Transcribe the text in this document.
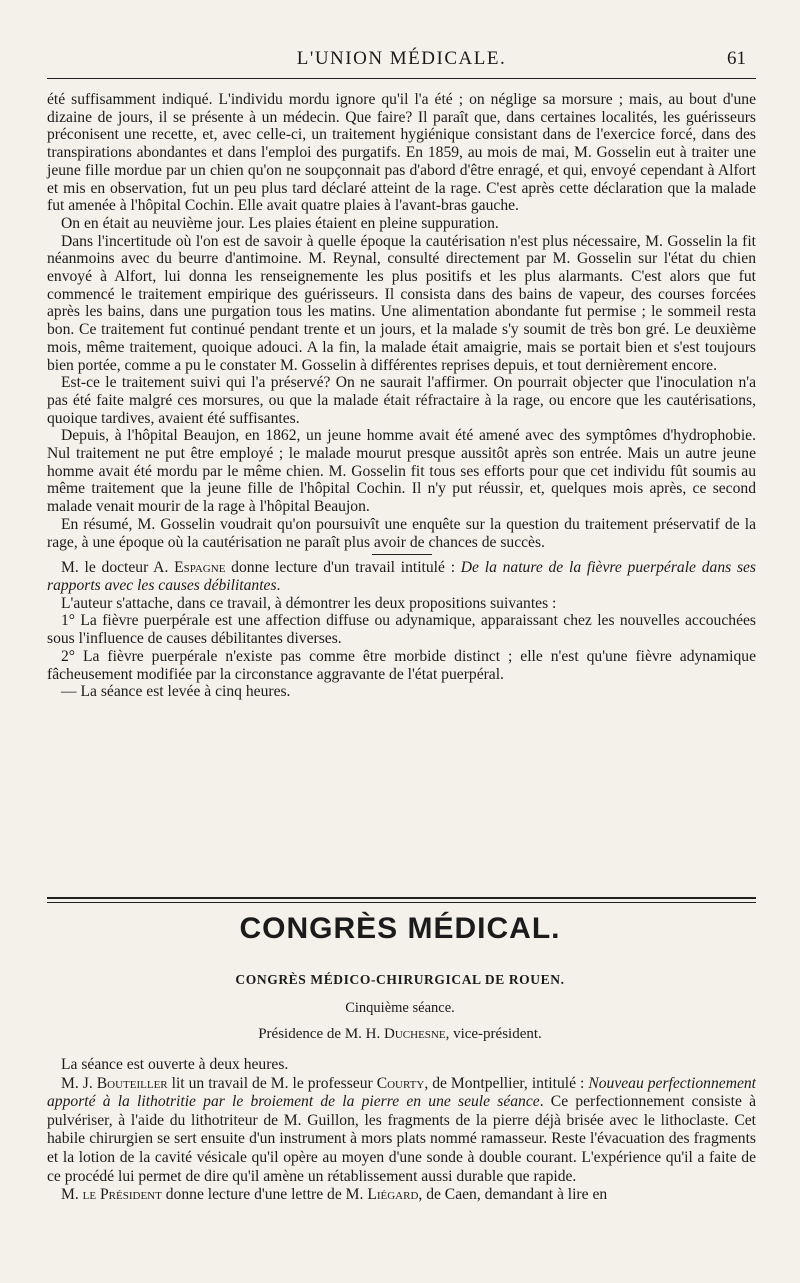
L'UNION MÉDICALE.	61

été suffisamment indiqué. L'individu mordu ignore qu'il l'a été ; on néglige sa morsure ; mais, au bout d'une dizaine de jours, il se présente à un médecin. Que faire? Il paraît que, dans certaines localités, les guérisseurs préconisent une recette, et, avec celle-ci, un traitement hygiénique consistant dans de l'exercice forcé, dans des transpirations abondantes et dans l'emploi des purgatifs. En 1859, au mois de mai, M. Gosselin eut à traiter une jeune fille mordue par un chien qu'on ne soupçonnait pas d'abord d'être enragé, et qui, envoyé cependant à Alfort et mis en observation, fut un peu plus tard déclaré atteint de la rage. C'est après cette déclaration que la malade fut amenée à l'hôpital Cochin. Elle avait quatre plaies à l'avant-bras gauche.

On en était au neuvième jour. Les plaies étaient en pleine suppuration.

Dans l'incertitude où l'on est de savoir à quelle époque la cautérisation n'est plus nécessaire, M. Gosselin la fit néanmoins avec du beurre d'antimoine. M. Reynal, consulté directement par M. Gosselin sur l'état du chien envoyé à Alfort, lui donna les renseignemente les plus positifs et les plus alarmants. C'est alors que fut commencé le traitement empirique des guérisseurs. Il consista dans des bains de vapeur, des courses forcées après les bains, dans une purgation tous les matins. Une alimentation abondante fut permise ; le sommeil resta bon. Ce traitement fut continué pendant trente et un jours, et la malade s'y soumit de très bon gré. Le deuxième mois, même traitement, quoique adouci. A la fin, la malade était amaigrie, mais se portait bien et s'est toujours bien portée, comme a pu le constater M. Gosselin à différentes reprises depuis, et tout dernièrement encore.

Est-ce le traitement suivi qui l'a préservé? On ne saurait l'affirmer. On pourrait objecter que l'inoculation n'a pas été faite malgré ces morsures, ou que la malade était réfractaire à la rage, ou encore que les cautérisations, quoique tardives, avaient été suffisantes.

Depuis, à l'hôpital Beaujon, en 1862, un jeune homme avait été amené avec des symptômes d'hydrophobie. Nul traitement ne put être employé ; le malade mourut presque aussitôt après son entrée. Mais un autre jeune homme avait été mordu par le même chien. M. Gosselin fit tous ses efforts pour que cet individu fût soumis au même traitement que la jeune fille de l'hôpital Cochin. Il n'y put réussir, et, quelques mois après, ce second malade venait mourir de la rage à l'hôpital Beaujon.

En résumé, M. Gosselin voudrait qu'on poursuivît une enquête sur la question du traitement préservatif de la rage, à une époque où la cautérisation ne paraît plus avoir de chances de succès.

M. le docteur A. Espagne donne lecture d'un travail intitulé : De la nature de la fièvre puerpérale dans ses rapports avec les causes débilitantes.

L'auteur s'attache, dans ce travail, à démontrer les deux propositions suivantes :

1° La fièvre puerpérale est une affection diffuse ou adynamique, apparaissant chez les nouvelles accouchées sous l'influence de causes débilitantes diverses.

2° La fièvre puerpérale n'existe pas comme être morbide distinct ; elle n'est qu'une fièvre adynamique fâcheusement modifiée par la circonstance aggravante de l'état puerpéral.

— La séance est levée à cinq heures.

CONGRÈS MÉDICAL.
CONGRÈS MÉDICO-CHIRURGICAL DE ROUEN.
Cinquième séance.
Présidence de M. H. Duchesne, vice-président.

La séance est ouverte à deux heures.

M. J. Bouteiller lit un travail de M. le professeur Courty, de Montpellier, intitulé : Nouveau perfectionnement apporté à la lithotritie par le broiement de la pierre en une seule séance. Ce perfectionnement consiste à pulvériser, à l'aide du lithotriteur de M. Guillon, les fragments de la pierre déjà brisée avec le lithoclaste. Cet habile chirurgien se sert ensuite d'un instrument à mors plats nommé ramasseur. Reste l'évacuation des fragments et la lotion de la cavité vésicale qu'il opère au moyen d'une sonde à double courant. L'expérience qu'il a faite de ce procédé lui permet de dire qu'il amène un rétablissement aussi durable que rapide.

M. le Président donne lecture d'une lettre de M. Liégard, de Caen, demandant à lire en
